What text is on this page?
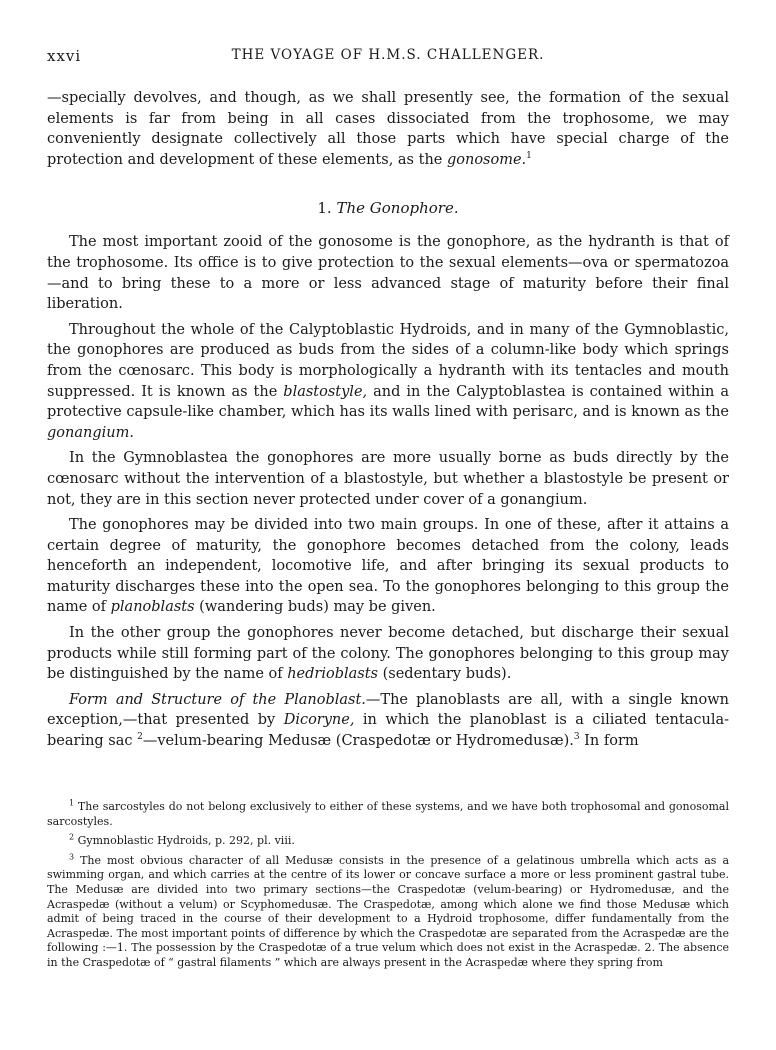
xxvi	THE VOYAGE OF H.M.S. CHALLENGER.

—specially devolves, and though, as we shall presently see, the formation of the sexual elements is far from being in all cases dissociated from the trophosome, we may conveniently designate collectively all those parts which have special charge of the protection and development of these elements, as the gonosome.$^1$

1. The Gonophore.

The most important zooid of the gonosome is the gonophore, as the hydranth is that of the trophosome. Its office is to give protection to the sexual elements—ova or spermatozoa—and to bring these to a more or less advanced stage of maturity before their final liberation.

Throughout the whole of the Calyptoblastic Hydroids, and in many of the Gymnoblastic, the gonophores are produced as buds from the sides of a column-like body which springs from the cœnosarc. This body is morphologically a hydranth with its tentacles and mouth suppressed. It is known as the blastostyle, and in the Calyptoblastea is contained within a protective capsule-like chamber, which has its walls lined with perisarc, and is known as the gonangium.

In the Gymnoblastea the gonophores are more usually borne as buds directly by the cœnosarc without the intervention of a blastostyle, but whether a blastostyle be present or not, they are in this section never protected under cover of a gonangium.

The gonophores may be divided into two main groups. In one of these, after it attains a certain degree of maturity, the gonophore becomes detached from the colony, leads henceforth an independent, locomotive life, and after bringing its sexual products to maturity discharges these into the open sea. To the gonophores belonging to this group the name of planoblasts (wandering buds) may be given.

In the other group the gonophores never become detached, but discharge their sexual products while still forming part of the colony. The gonophores belonging to this group may be distinguished by the name of hedrioblasts (sedentary buds).

Form and Structure of the Planoblast.—The planoblasts are all, with a single known exception,—that presented by Dicoryne, in which the planoblast is a ciliated tentacula-bearing sac $^2$—velum-bearing Medusæ (Craspedotæ or Hydromedusæ).$^3$ In form

$^1$ The sarcostyles do not belong exclusively to either of these systems, and we have both trophosomal and gonosomal sarcostyles.

$^2$ Gymnoblastic Hydroids, p. 292, pl. viii.

$^3$ The most obvious character of all Medusæ consists in the presence of a gelatinous umbrella which acts as a swimming organ, and which carries at the centre of its lower or concave surface a more or less prominent gastral tube. The Medusæ are divided into two primary sections—the Craspedotæ (velum-bearing) or Hydromedusæ, and the Acraspedæ (without a velum) or Scyphomedusæ. The Craspedotæ, among which alone we find those Medusæ which admit of being traced in the course of their development to a Hydroid trophosome, differ fundamentally from the Acraspedæ. The most important points of difference by which the Craspedotæ are separated from the Acraspedæ are the following :—1. The possession by the Craspedotæ of a true velum which does not exist in the Acraspedæ. 2. The absence in the Craspedotæ of “ gastral filaments ” which are always present in the Acraspedæ where they spring from
